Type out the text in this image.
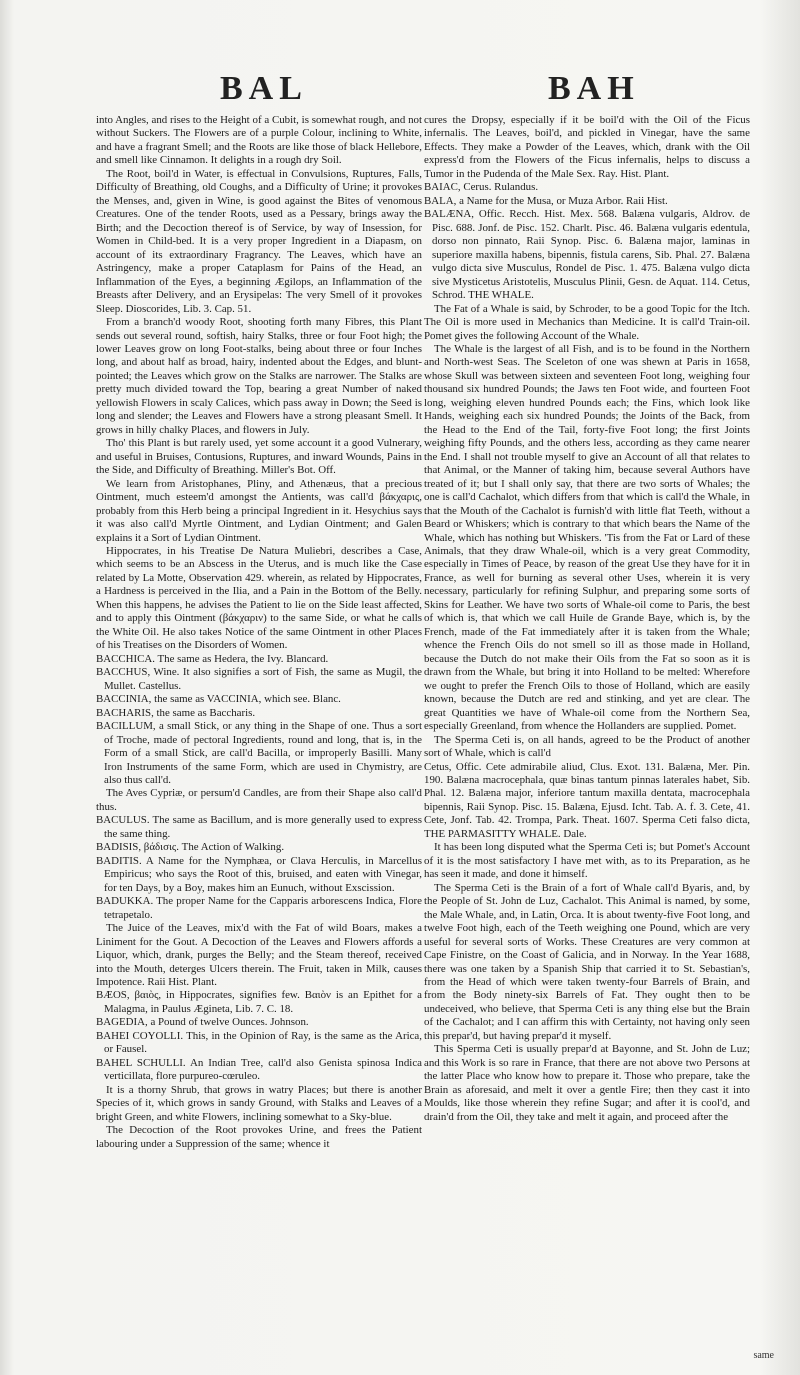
BAL	BAH

into Angles, and rises to the Height of a Cubit, is somewhat rough, and not without Suckers. The Flowers are of a purple Colour, inclining to White, and have a fragrant Smell; and the Roots are like those of black Hellebore, and smell like Cinnamon. It delights in a rough dry Soil.

The Root, boil'd in Water, is effectual in Convulsions, Ruptures, Falls, Difficulty of Breathing, old Coughs, and a Difficulty of Urine; it provokes the Menses, and, given in Wine, is good against the Bites of venomous Creatures. One of the tender Roots, used as a Pessary, brings away the Birth; and the Decoction thereof is of Service, by way of Insession, for Women in Child-bed. It is a very proper Ingredient in a Diapasm, on account of its extraordinary Fragrancy. The Leaves, which have an Astringency, make a proper Cataplasm for Pains of the Head, an Inflammation of the Eyes, a beginning Ægilops, an Inflammation of the Breasts after Delivery, and an Erysipelas: The very Smell of it provokes Sleep. Dioscorides, Lib. 3. Cap. 51.

From a branch'd woody Root, shooting forth many Fibres, this Plant sends out several round, softish, hairy Stalks, three or four Foot high; the lower Leaves grow on long Foot-stalks, being about three or four Inches long, and about half as broad, hairy, indented about the Edges, and blunt-pointed; the Leaves which grow on the Stalks are narrower. The Stalks are pretty much divided toward the Top, bearing a great Number of naked yellowish Flowers in scaly Calices, which pass away in Down; the Seed is long and slender; the Leaves and Flowers have a strong pleasant Smell. It grows in hilly chalky Places, and flowers in July.

Tho' this Plant is but rarely used, yet some account it a good Vulnerary, and useful in Bruises, Contusions, Ruptures, and inward Wounds, Pains in the Side, and Difficulty of Breathing. Miller's Bot. Off.

We learn from Aristophanes, Pliny, and Athenæus, that a precious Ointment, much esteem'd amongst the Antients, was call'd βάκχαρις, probably from this Herb being a principal Ingredient in it. Hesychius says it was also call'd Myrtle Ointment, and Lydian Ointment; and Galen explains it a Sort of Lydian Ointment.

Hippocrates, in his Treatise De Natura Muliebri, describes a Case, which seems to be an Abscess in the Uterus, and is much like the Case related by La Motte, Observation 429. wherein, as related by Hippocrates, a Hardness is perceived in the Ilia, and a Pain in the Bottom of the Belly. When this happens, he advises the Patient to lie on the Side least affected, and to apply this Ointment (βάκχαριν) to the same Side, or what he calls the White Oil. He also takes Notice of the same Ointment in other Places of his Treatises on the Disorders of Women.

BACCHICA. The same as Hedera, the Ivy. Blancard.

BACCHUS, Wine. It also signifies a sort of Fish, the same as Mugil, the Mullet. Castellus.

BACCINIA, the same as VACCINIA, which see. Blanc.

BACHARIS, the same as Baccharis.

BACILLUM, a small Stick, or any thing in the Shape of one. Thus a sort of Troche, made of pectoral Ingredients, round and long, that is, in the Form of a small Stick, are call'd Bacilla, or improperly Basilli. Many Iron Instruments of the same Form, which are used in Chymistry, are also thus call'd.

The Aves Cypriæ, or persum'd Candles, are from their Shape also call'd thus.

BACULUS. The same as Bacillum, and is more generally used to express the same thing.

BADISIS, βάδισις. The Action of Walking.

BADITIS. A Name for the Nymphæa, or Clava Herculis, in Marcellus Empiricus; who says the Root of this, bruised, and eaten with Vinegar, for ten Days, by a Boy, makes him an Eunuch, without Exscission.

BADUKKA. The proper Name for the Capparis arborescens Indica, Flore tetrapetalo.

The Juice of the Leaves, mix'd with the Fat of wild Boars, makes a Liniment for the Gout. A Decoction of the Leaves and Flowers affords a Liquor, which, drank, purges the Belly; and the Steam thereof, received into the Mouth, deterges Ulcers therein. The Fruit, taken in Milk, causes Impotence. Raii Hist. Plant.

BÆOS, βαιὸς, in Hippocrates, signifies few. Βαιὸν is an Epithet for a Malagma, in Paulus Ægineta, Lib. 7. C. 18.

BAGEDIA, a Pound of twelve Ounces. Johnson.

BAHEI COYOLLI. This, in the Opinion of Ray, is the same as the Arica, or Fausel.

BAHEL SCHULLI. An Indian Tree, call'd also Genista spinosa Indica verticillata, flore purpureo-cœruleo.

It is a thorny Shrub, that grows in watry Places; but there is another Species of it, which grows in sandy Ground, with Stalks and Leaves of a bright Green, and white Flowers, inclining somewhat to a Sky-blue.

The Decoction of the Root provokes Urine, and frees the Patient labouring under a Suppression of the same; whence it

cures the Dropsy, especially if it be boil'd with the Oil of the Ficus infernalis. The Leaves, boil'd, and pickled in Vinegar, have the same Effects. They make a Powder of the Leaves, which, drank with the Oil express'd from the Flowers of the Ficus infernalis, helps to discuss a Tumor in the Pudenda of the Male Sex. Ray. Hist. Plant.

BAIAC, Cerus. Rulandus.

BALA, a Name for the Musa, or Muza Arbor. Raii Hist.

BALÆNA, Offic. Recch. Hist. Mex. 568. Balæna vulgaris, Aldrov. de Pisc. 688. Jonf. de Pisc. 152. Charlt. Pisc. 46. Balæna vulgaris edentula, dorso non pinnato, Raii Synop. Pisc. 6. Balæna major, laminas in superiore maxilla habens, bipennis, fistula carens, Sib. Phal. 27. Balæna vulgo dicta sive Musculus, Rondel de Pisc. 1. 475. Balæna vulgo dicta sive Mysticetus Aristotelis, Musculus Plinii, Gesn. de Aquat. 114. Cetus, Schrod. THE WHALE.

The Fat of a Whale is said, by Schroder, to be a good Topic for the Itch. The Oil is more used in Mechanics than Medicine. It is call'd Train-oil. Pomet gives the following Account of the Whale.

The Whale is the largest of all Fish, and is to be found in the Northern and North-west Seas. The Sceleton of one was shewn at Paris in 1658, whose Skull was between sixteen and seventeen Foot long, weighing four thousand six hundred Pounds; the Jaws ten Foot wide, and fourteen Foot long, weighing eleven hundred Pounds each; the Fins, which look like Hands, weighing each six hundred Pounds; the Joints of the Back, from the Head to the End of the Tail, forty-five Foot long; the first Joints weighing fifty Pounds, and the others less, according as they came nearer the End. I shall not trouble myself to give an Account of all that relates to that Animal, or the Manner of taking him, because several Authors have treated of it; but I shall only say, that there are two sorts of Whales; the one is call'd Cachalot, which differs from that which is call'd the Whale, in that the Mouth of the Cachalot is furnish'd with little flat Teeth, without a Beard or Whiskers; which is contrary to that which bears the Name of the Whale, which has nothing but Whiskers. 'Tis from the Fat or Lard of these Animals, that they draw Whale-oil, which is a very great Commodity, especially in Times of Peace, by reason of the great Use they have for it in France, as well for burning as several other Uses, wherein it is very necessary, particularly for refining Sulphur, and preparing some sorts of Skins for Leather. We have two sorts of Whale-oil come to Paris, the best of which is, that which we call Huile de Grande Baye, which is, by the French, made of the Fat immediately after it is taken from the Whale; whence the French Oils do not smell so ill as those made in Holland, because the Dutch do not make their Oils from the Fat so soon as it is drawn from the Whale, but bring it into Holland to be melted: Wherefore we ought to prefer the French Oils to those of Holland, which are easily known, because the Dutch are red and stinking, and yet are clear. The great Quantities we have of Whale-oil come from the Northern Sea, especially Greenland, from whence the Hollanders are supplied. Pomet.

The Sperma Ceti is, on all hands, agreed to be the Product of another sort of Whale, which is call'd

Cetus, Offic. Cete admirabile aliud, Clus. Exot. 131. Balæna, Mer. Pin. 190. Balæna macrocephala, quæ binas tantum pinnas laterales habet, Sib. Phal. 12. Balæna major, inferiore tantum maxilla dentata, macrocephala bipennis, Raii Synop. Pisc. 15. Balæna, Ejusd. Icht. Tab. A. f. 3. Cete, 41. Cete, Jonf. Tab. 42. Trompa, Park. Theat. 1607. Sperma Ceti falso dicta, THE PARMASITTY WHALE. Dale.

It has been long disputed what the Sperma Ceti is; but Pomet's Account of it is the most satisfactory I have met with, as to its Preparation, as he has seen it made, and done it himself.

The Sperma Ceti is the Brain of a fort of Whale call'd Byaris, and, by the People of St. John de Luz, Cachalot. This Animal is named, by some, the Male Whale, and, in Latin, Orca. It is about twenty-five Foot long, and twelve Foot high, each of the Teeth weighing one Pound, which are very useful for several sorts of Works. These Creatures are very common at Cape Finistre, on the Coast of Galicia, and in Norway. In the Year 1688, there was one taken by a Spanish Ship that carried it to St. Sebastian's, from the Head of which were taken twenty-four Barrels of Brain, and from the Body ninety-six Barrels of Fat. They ought then to be undeceived, who believe, that Sperma Ceti is any thing else but the Brain of the Cachalot; and I can affirm this with Certainty, not having only seen this prepar'd, but having prepar'd it myself.

This Sperma Ceti is usually prepar'd at Bayonne, and St. John de Luz; and this Work is so rare in France, that there are not above two Persons at the latter Place who know how to prepare it. Those who prepare, take the Brain as aforesaid, and melt it over a gentle Fire; then they cast it into Moulds, like those wherein they refine Sugar; and after it is cool'd, and drain'd from the Oil, they take and melt it again, and proceed after the

same
